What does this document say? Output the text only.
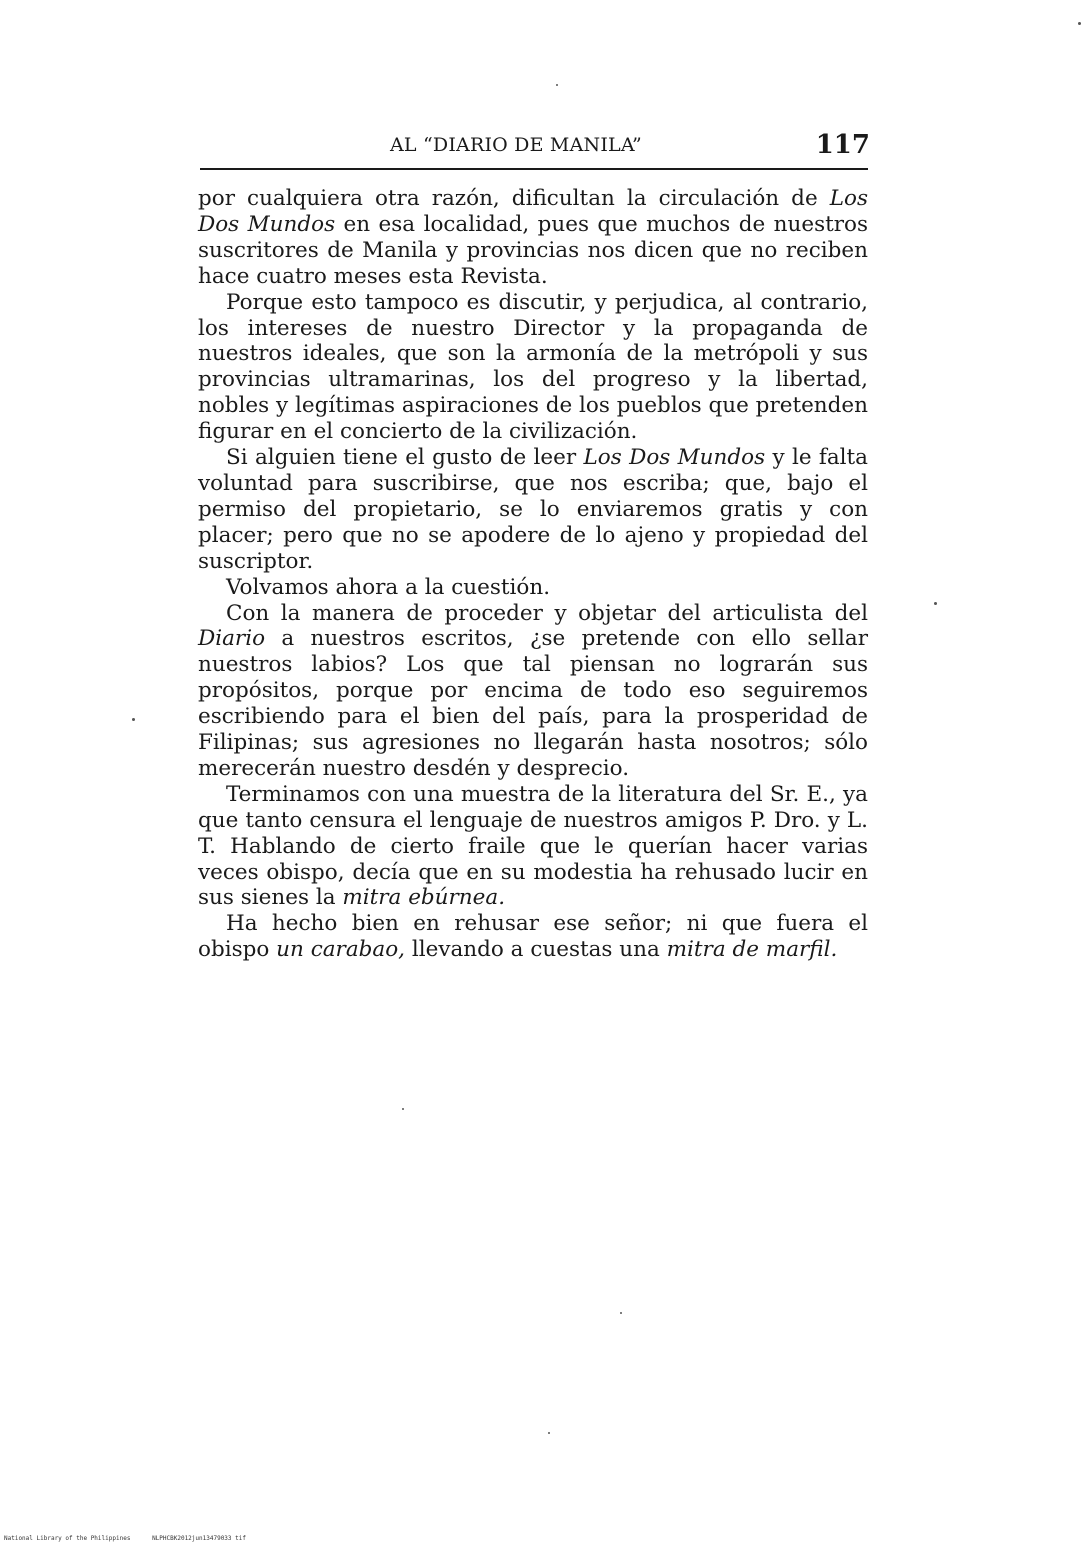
AL “DIARIO DE MANILA”	117

por cualquiera otra razón, dificultan la circulación de Los Dos Mundos en esa localidad, pues que muchos de nuestros suscritores de Manila y provincias nos dicen que no reciben hace cuatro meses esta Revista.

Porque esto tampoco es discutir, y perjudica, al contrario, los intereses de nuestro Director y la propaganda de nuestros ideales, que son la armonía de la metrópoli y sus provincias ultramarinas, los del progreso y la libertad, nobles y legítimas aspiraciones de los pueblos que pretenden figurar en el concierto de la civilización.

Si alguien tiene el gusto de leer Los Dos Mundos y le falta voluntad para suscribirse, que nos escriba; que, bajo el permiso del propietario, se lo enviaremos gratis y con placer; pero que no se apodere de lo ajeno y propiedad del suscriptor.

Volvamos ahora a la cuestión.

Con la manera de proceder y objetar del articulista del Diario a nuestros escritos, ¿se pretende con ello sellar nuestros labios? Los que tal piensan no lograrán sus propósitos, porque por encima de todo eso seguiremos escribiendo para el bien del país, para la prosperidad de Filipinas; sus agresiones no llegarán hasta nosotros; sólo merecerán nuestro desdén y desprecio.

Terminamos con una muestra de la literatura del Sr. E., ya que tanto censura el lenguaje de nuestros amigos P. Dro. y L. T. Hablando de cierto fraile que le querían hacer varias veces obispo, decía que en su modestia ha rehusado lucir en sus sienes la mitra ebúrnea.

Ha hecho bien en rehusar ese señor; ni que fuera el obispo un carabao, llevando a cuestas una mitra de marfil.

National Library of the Philippines	NLPHCBK2012jun13479033 tif
